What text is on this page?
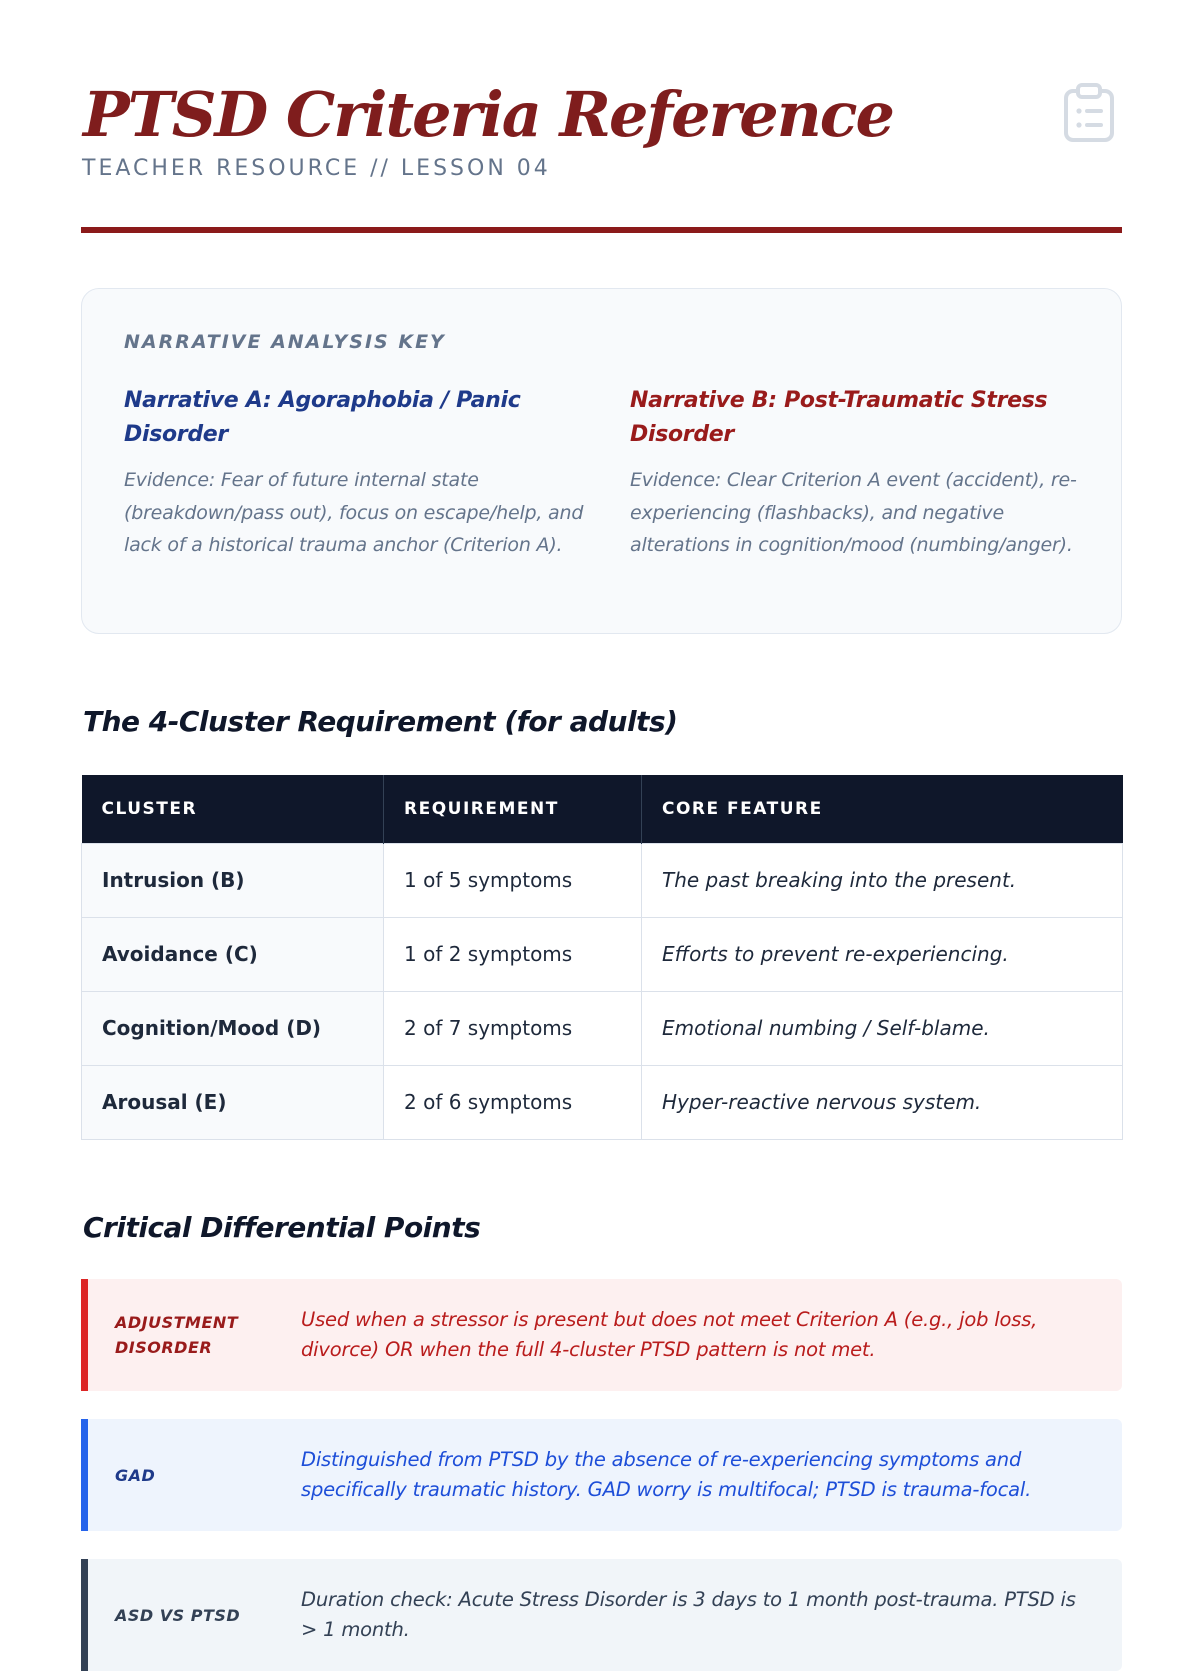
PTSD Criteria Reference
TEACHER RESOURCE // LESSON 04
NARRATIVE ANALYSIS KEY
Narrative A: Agoraphobia / Panic Disorder
Evidence: Fear of future internal state (breakdown/pass out), focus on escape/help, and lack of a historical trauma anchor (Criterion A).
Narrative B: Post-Traumatic Stress Disorder
Evidence: Clear Criterion A event (accident), re-experiencing (flashbacks), and negative alterations in cognition/mood (numbing/anger).
The 4-Cluster Requirement (for adults)
CLUSTER	REQUIREMENT	CORE FEATURE
Intrusion (B)	1 of 5 symptoms	The past breaking into the present.
Avoidance (C)	1 of 2 symptoms	Efforts to prevent re-experiencing.
Cognition/Mood (D)	2 of 7 symptoms	Emotional numbing / Self-blame.
Arousal (E)	2 of 6 symptoms	Hyper-reactive nervous system.
Critical Differential Points
ADJUSTMENT DISORDER
Used when a stressor is present but does not meet Criterion A (e.g., job loss, divorce) OR when the full 4-cluster PTSD pattern is not met.
GAD
Distinguished from PTSD by the absence of re-experiencing symptoms and specifically traumatic history. GAD worry is multifocal; PTSD is trauma-focal.
ASD VS PTSD
Duration check: Acute Stress Disorder is 3 days to 1 month post-trauma. PTSD is > 1 month.
